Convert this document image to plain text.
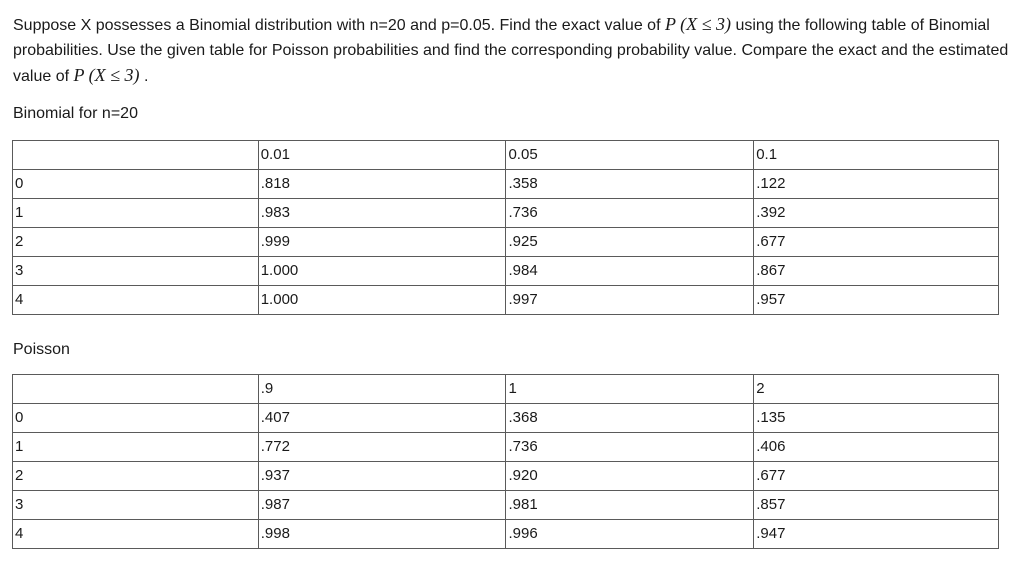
Suppose X possesses a Binomial distribution with n=20 and p=0.05. Find the exact value of P (X ≤ 3) using the following table of Binomial probabilities. Use the given table for Poisson probabilities and find the corresponding probability value. Compare the exact and the estimated value of P (X ≤ 3) .

Binomial for n=20

	0.01	0.05	0.1
0	.818	.358	.122
1	.983	.736	.392
2	.999	.925	.677
3	1.000	.984	.867
4	1.000	.997	.957

Poisson

	.9	1	2
0	.407	.368	.135
1	.772	.736	.406
2	.937	.920	.677
3	.987	.981	.857
4	.998	.996	.947
